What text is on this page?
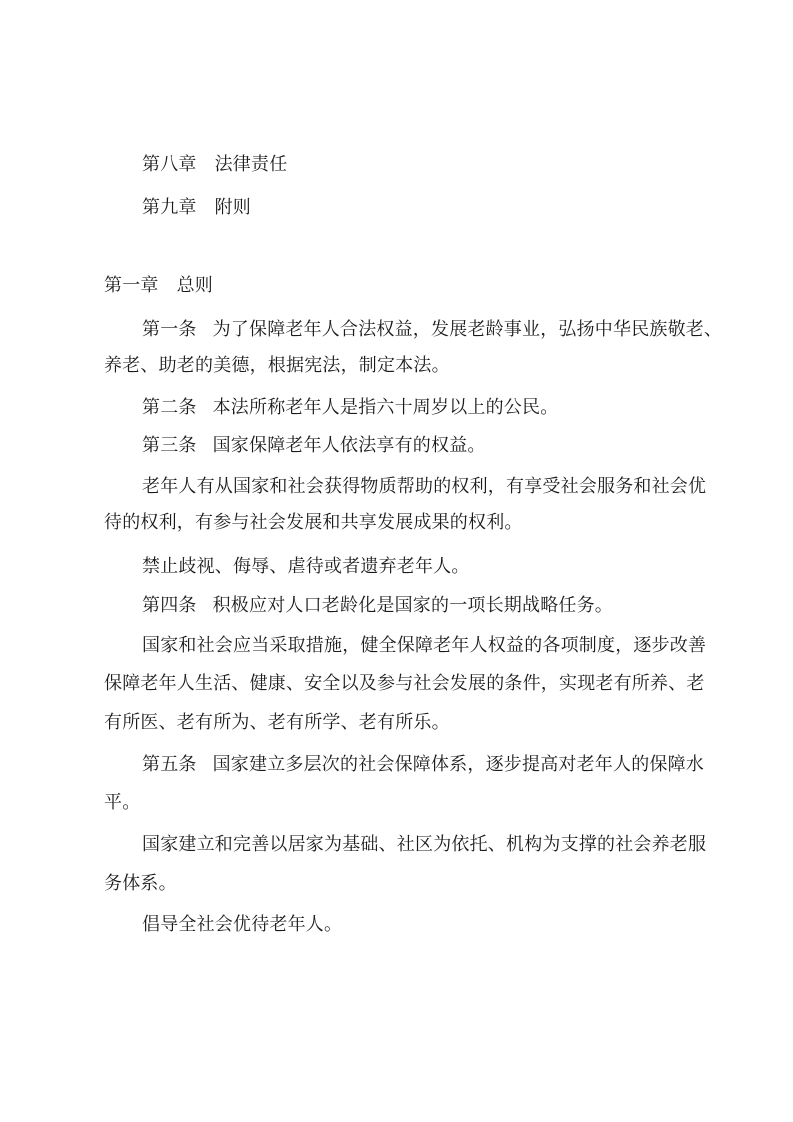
第八章 法律责任
第九章 附则
第一章 总则
第一条 为了保障老年人合法权益，发展老龄事业，弘扬中华民族敬老、
养老、助老的美德，根据宪法，制定本法。
第二条 本法所称老年人是指六十周岁以上的公民。
第三条 国家保障老年人依法享有的权益。
老年人有从国家和社会获得物质帮助的权利，有享受社会服务和社会优
待的权利，有参与社会发展和共享发展成果的权利。
禁止歧视、侮辱、虐待或者遗弃老年人。
第四条 积极应对人口老龄化是国家的一项长期战略任务。
国家和社会应当采取措施，健全保障老年人权益的各项制度，逐步改善
保障老年人生活、健康、安全以及参与社会发展的条件，实现老有所养、老
有所医、老有所为、老有所学、老有所乐。
第五条 国家建立多层次的社会保障体系，逐步提高对老年人的保障水
平。
国家建立和完善以居家为基础、社区为依托、机构为支撑的社会养老服
务体系。
倡导全社会优待老年人。
